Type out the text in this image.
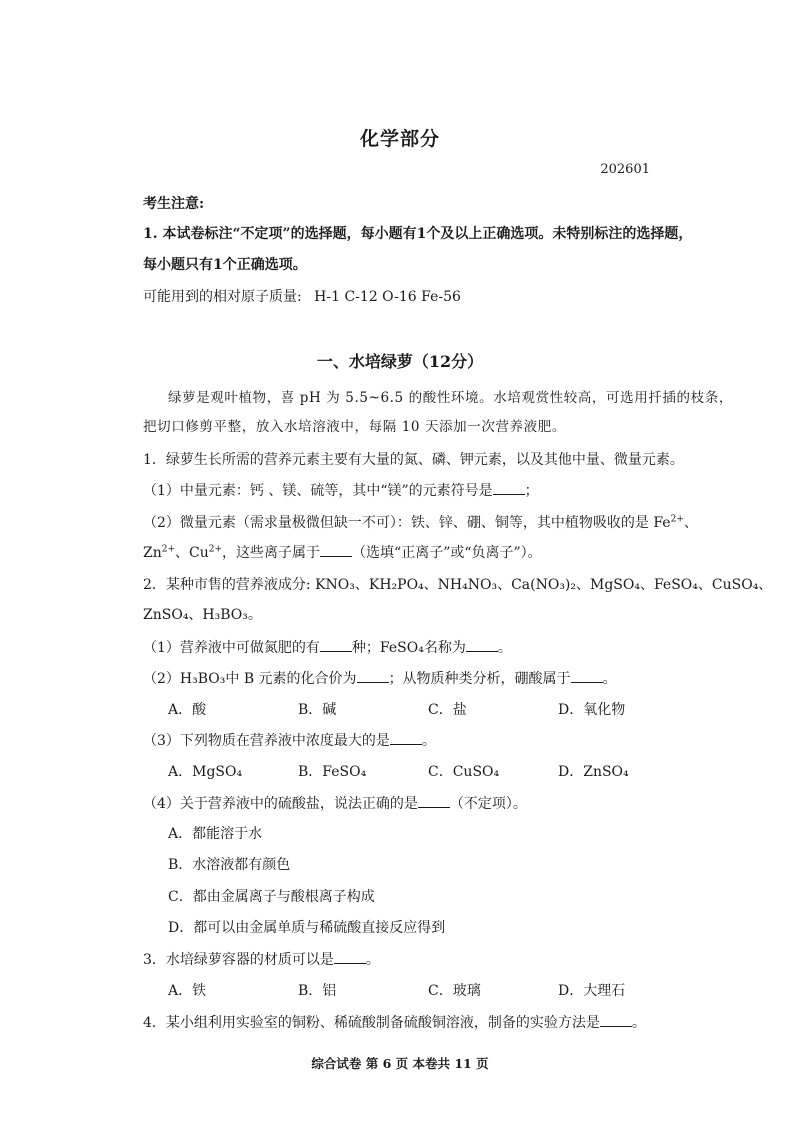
化学部分
202601
考生注意:
1. 本试卷标注“不定项”的选择题，每小题有1个及以上正确选项。未特别标注的选择题，
每小题只有1个正确选项。
可能用到的相对原子质量: H-1 C-12 O-16 Fe-56
一、水培绿萝（12分）
绿萝是观叶植物，喜 pH 为 5.5~6.5 的酸性环境。水培观赏性较高，可选用扦插的枝条，
把切口修剪平整，放入水培溶液中，每隔 10 天添加一次营养液肥。
1．绿萝生长所需的营养元素主要有大量的氮、磷、钾元素，以及其他中量、微量元素。
（1）中量元素：钙 、镁、硫等，其中“镁”的元素符号是 ；
（2）微量元素（需求量极微但缺一不可）：铁、锌、硼、铜等，其中植物吸收的是 $Fe^{2+}$、
$Zn^{2+}$、$Cu^{2+}$，这些离子属于 （选填“正离子”或“负离子”）。
2．某种市售的营养液成分: KNO₃、KH₂PO₄、NH₄NO₃、Ca(NO₃)₂、MgSO₄、FeSO₄、CuSO₄、
ZnSO₄、H₃BO₃。
（1）营养液中可做氮肥的有 种；FeSO₄名称为 。
（2）H₃BO₃中 B 元素的化合价为 ；从物质种类分析，硼酸属于 。
A．酸	B．碱	C．盐	D．氧化物
（3）下列物质在营养液中浓度最大的是 。
A．MgSO₄	B．FeSO₄	C．CuSO₄	D．ZnSO₄
（4）关于营养液中的硫酸盐，说法正确的是 （不定项）。
A．都能溶于水
B．水溶液都有颜色
C．都由金属离子与酸根离子构成
D．都可以由金属单质与稀硫酸直接反应得到
3．水培绿萝容器的材质可以是 。
A．铁	B．铝	C．玻璃	D．大理石
4．某小组利用实验室的铜粉、稀硫酸制备硫酸铜溶液，制备的实验方法是 。
综合试卷 第 6 页 本卷共 11 页
